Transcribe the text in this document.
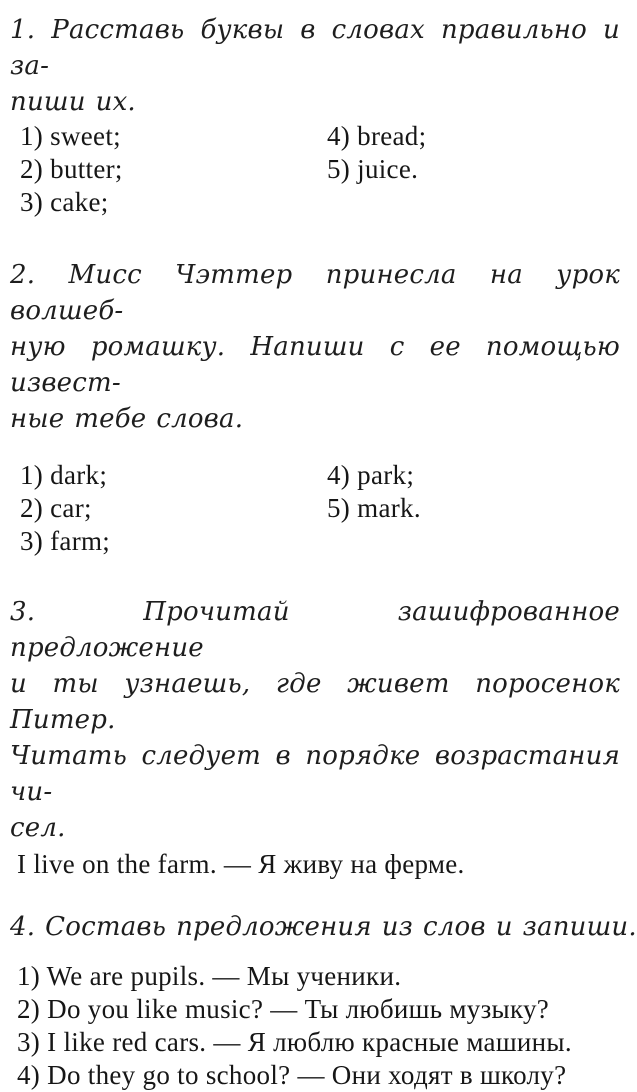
1. Расставь буквы в словах правильно и за-
пиши их.
1) sweet;
2) butter;
3) cake;
4) bread;
5) juice.
2. Мисс Чэттер принесла на урок волшеб-
ную ромашку. Напиши с ее помощью извест-
ные тебе слова.
1) dark;
2) car;
3) farm;
4) park;
5) mark.
3. Прочитай зашифрованное предложение
и ты узнаешь, где живет поросенок Питер.
Читать следует в порядке возрастания чи-
сел.
I live on the farm. — Я живу на ферме.
4. Составь предложения из слов и запиши.
1) We are pupils. — Мы ученики.
2) Do you like music? — Ты любишь музыку?
3) I like red cars. — Я люблю красные машины.
4) Do they go to school? — Они ходят в школу?
